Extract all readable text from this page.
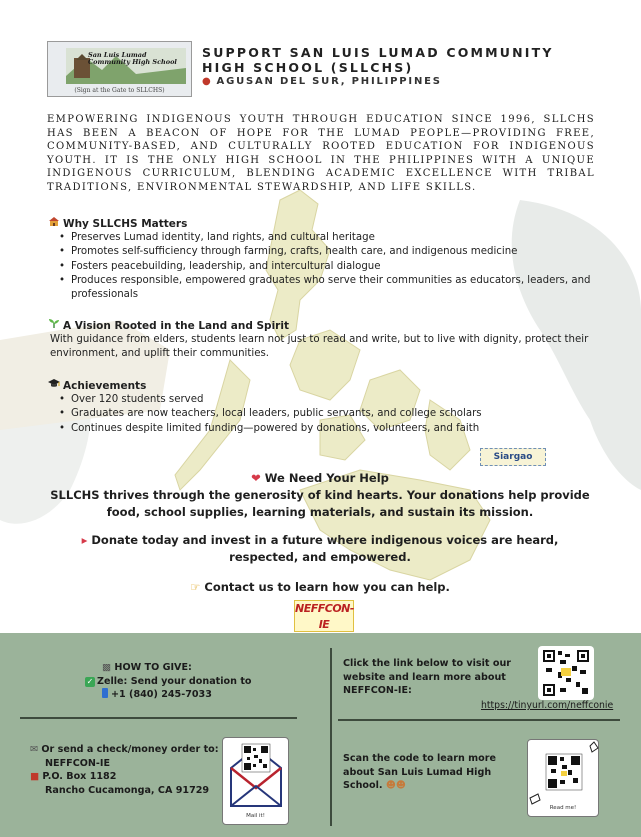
San Luis Lumad Community High School
(Sign at the Gate to SLLCHS)
SUPPORT SAN LUIS LUMAD COMMUNITY
HIGH SCHOOL (SLLCHS)
● AGUSAN DEL SUR, PHILIPPINES
EMPOWERING INDIGENOUS YOUTH THROUGH EDUCATION SINCE 1996, SLLCHS HAS BEEN A BEACON OF HOPE FOR THE LUMAD PEOPLE—PROVIDING FREE, COMMUNITY-BASED, AND CULTURALLY ROOTED EDUCATION FOR INDIGENOUS YOUTH. IT IS THE ONLY HIGH SCHOOL IN THE PHILIPPINES WITH A UNIQUE INDIGENOUS CURRICULUM, BLENDING ACADEMIC EXCELLENCE WITH TRIBAL TRADITIONS, ENVIRONMENTAL STEWARDSHIP, AND LIFE SKILLS.
Why SLLCHS Matters
• Preserves Lumad identity, land rights, and cultural heritage
• Promotes self-sufficiency through farming, crafts, health care, and indigenous medicine
• Fosters peacebuilding, leadership, and intercultural dialogue
• Produces responsible, empowered graduates who serve their communities as educators, leaders, and professionals
A Vision Rooted in the Land and Spirit
With guidance from elders, students learn not just to read and write, but to live with dignity, protect their environment, and uplift their communities.
Achievements
• Over 120 students served
• Graduates are now teachers, local leaders, public servants, and college scholars
• Continues despite limited funding—powered by donations, volunteers, and faith
Siargao
❤ We Need Your Help
SLLCHS thrives through the generosity of kind hearts. Your donations help provide food, school supplies, learning materials, and sustain its mission.
▸ Donate today and invest in a future where indigenous voices are heard, respected, and empowered.
☞ Contact us to learn how you can help.
NEFFCON-IE
▩ HOW TO GIVE:
✓ Zelle: Send your donation to
+1 (840) 245-7033
✉ Or send a check/money order to:
NEFFCON-IE
■ P.O. Box 1182
Rancho Cucamonga, CA 91729
Mail it!
Click the link below to visit our website and learn more about NEFFCON-IE:
https://tinyurl.com/neffconie
Scan the code to learn more about San Luis Lumad High School. ☻☻
Read me!
